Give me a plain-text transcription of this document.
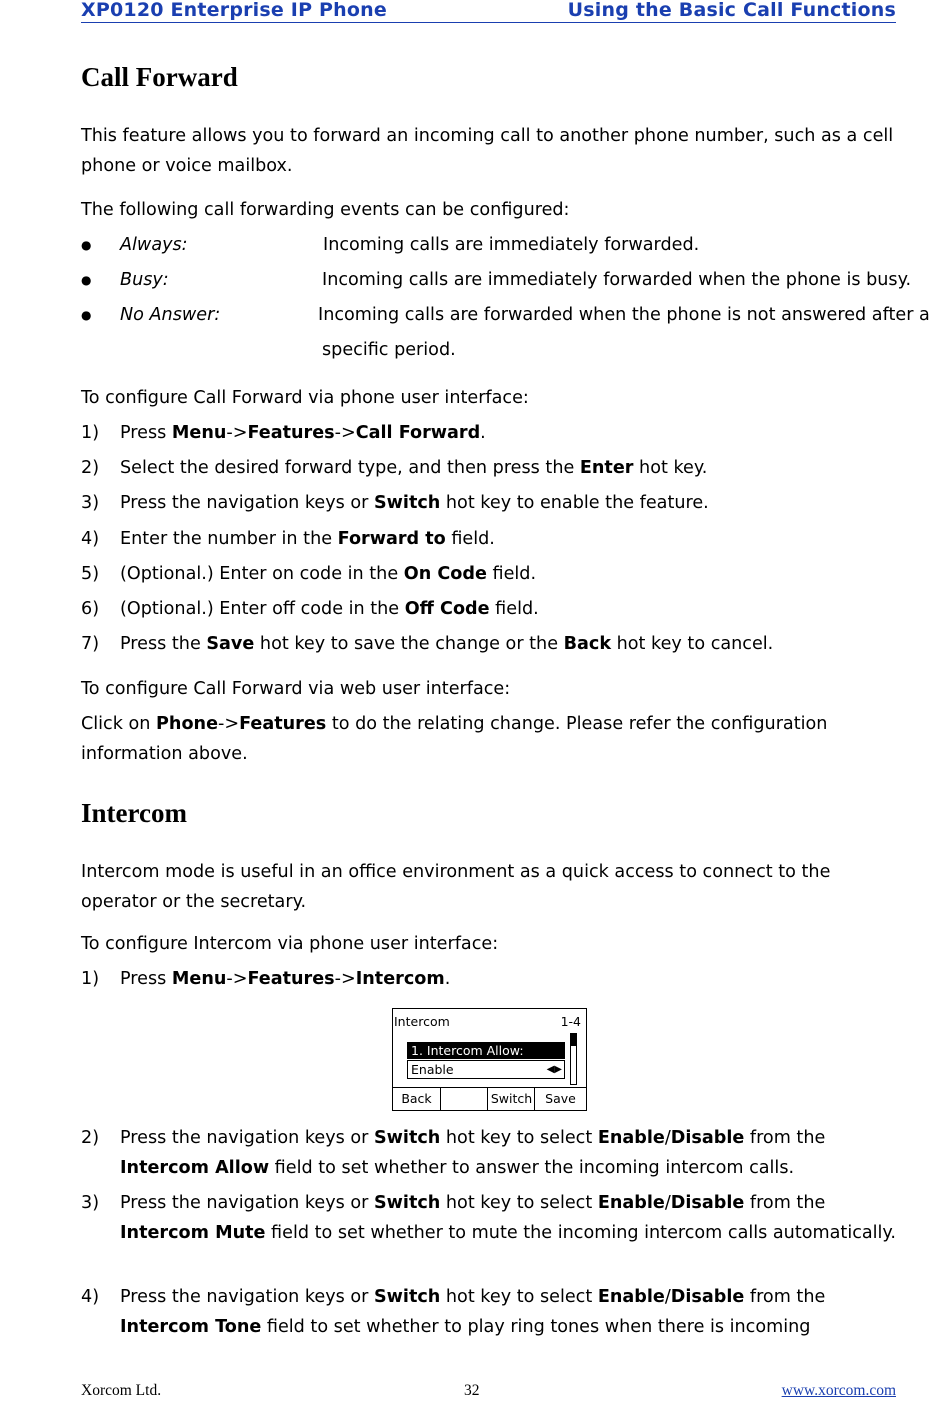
XP0120 Enterprise IP Phone	Using the Basic Call Functions
Call Forward
This feature allows you to forward an incoming call to another phone number, such as a cell phone or voice mailbox.
The following call forwarding events can be configured:
● Always:	Incoming calls are immediately forwarded.
● Busy:	Incoming calls are immediately forwarded when the phone is busy.
● No Answer:	Incoming calls are forwarded when the phone is not answered after a
specific period.
To configure Call Forward via phone user interface:
1) Press Menu->Features->Call Forward.
2) Select the desired forward type, and then press the Enter hot key.
3) Press the navigation keys or Switch hot key to enable the feature.
4) Enter the number in the Forward to field.
5) (Optional.) Enter on code in the On Code field.
6) (Optional.) Enter off code in the Off Code field.
7) Press the Save hot key to save the change or the Back hot key to cancel.
To configure Call Forward via web user interface:
Click on Phone->Features to do the relating change. Please refer the configuration information above.
Intercom
Intercom mode is useful in an office environment as a quick access to connect to the operator or the secretary.
To configure Intercom via phone user interface:
1) Press Menu->Features->Intercom.
Intercom	1-4
1. Intercom Allow:
Enable	◀▶
Back	Switch	Save
2) Press the navigation keys or Switch hot key to select Enable/Disable from the Intercom Allow field to set whether to answer the incoming intercom calls.
3) Press the navigation keys or Switch hot key to select Enable/Disable from the Intercom Mute field to set whether to mute the incoming intercom calls automatically.
4) Press the navigation keys or Switch hot key to select Enable/Disable from the Intercom Tone field to set whether to play ring tones when there is incoming
Xorcom Ltd.	32	www.xorcom.com
